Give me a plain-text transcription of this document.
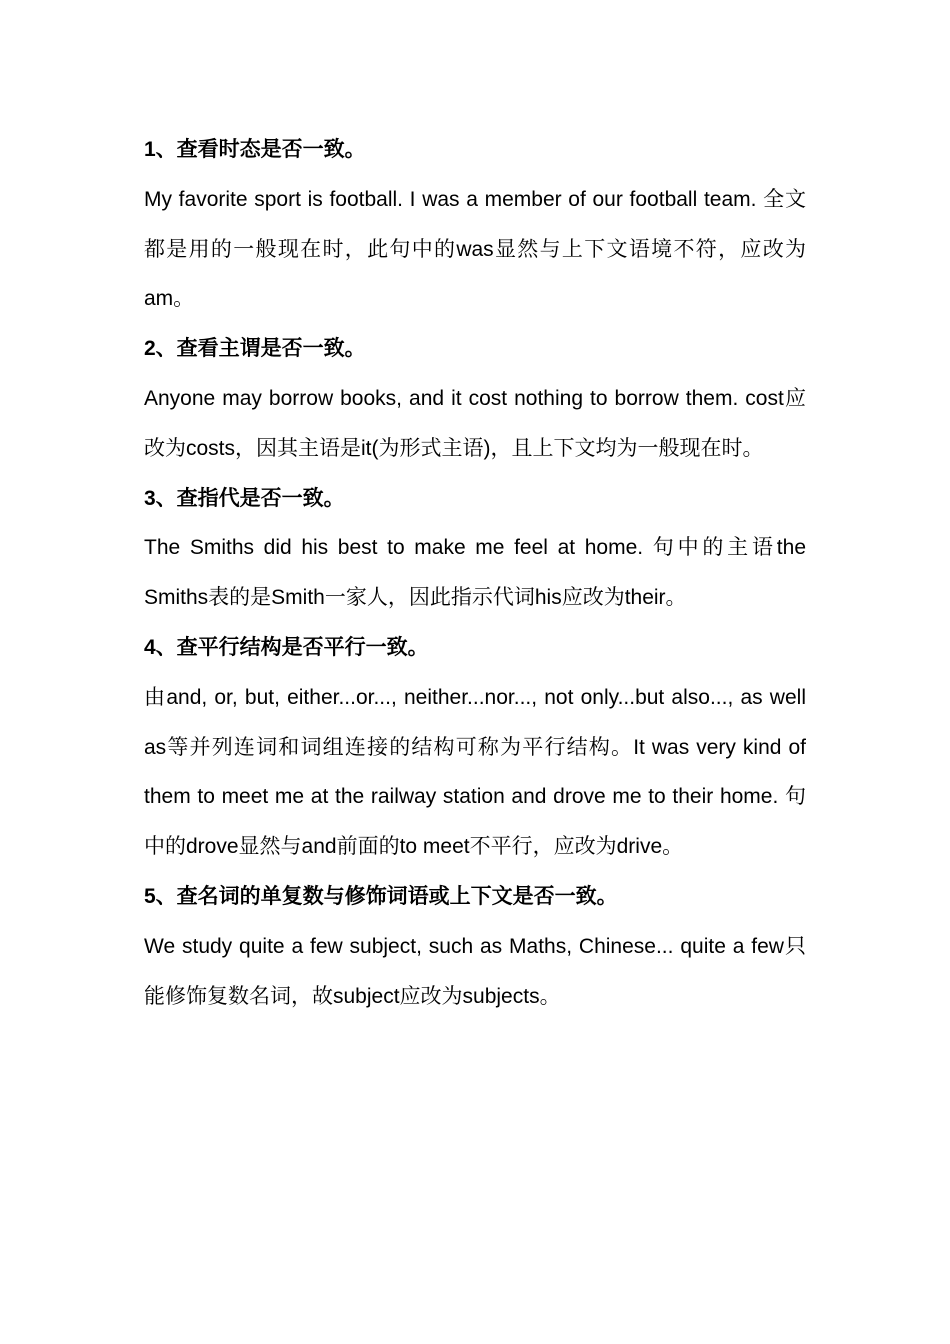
1、查看时态是否一致。

My favorite sport is football. I was a member of our football team. 全文都是用的一般现在时，此句中的was显然与上下文语境不符，应改为am。

2、查看主谓是否一致。

Anyone may borrow books, and it cost nothing to borrow them. cost应改为costs，因其主语是it(为形式主语)，且上下文均为一般现在时。

3、查指代是否一致。

The Smiths did his best to make me feel at home. 句中的主语the Smiths表的是Smith一家人，因此指示代词his应改为their。

4、查平行结构是否平行一致。

由and, or, but, either...or..., neither...nor..., not only...but also..., as well as等并列连词和词组连接的结构可称为平行结构。It was very kind of them to meet me at the railway station and drove me to their home. 句中的drove显然与and前面的to meet不平行，应改为drive。

5、查名词的单复数与修饰词语或上下文是否一致。

We study quite a few subject, such as Maths, Chinese... quite a few只能修饰复数名词，故subject应改为subjects。
